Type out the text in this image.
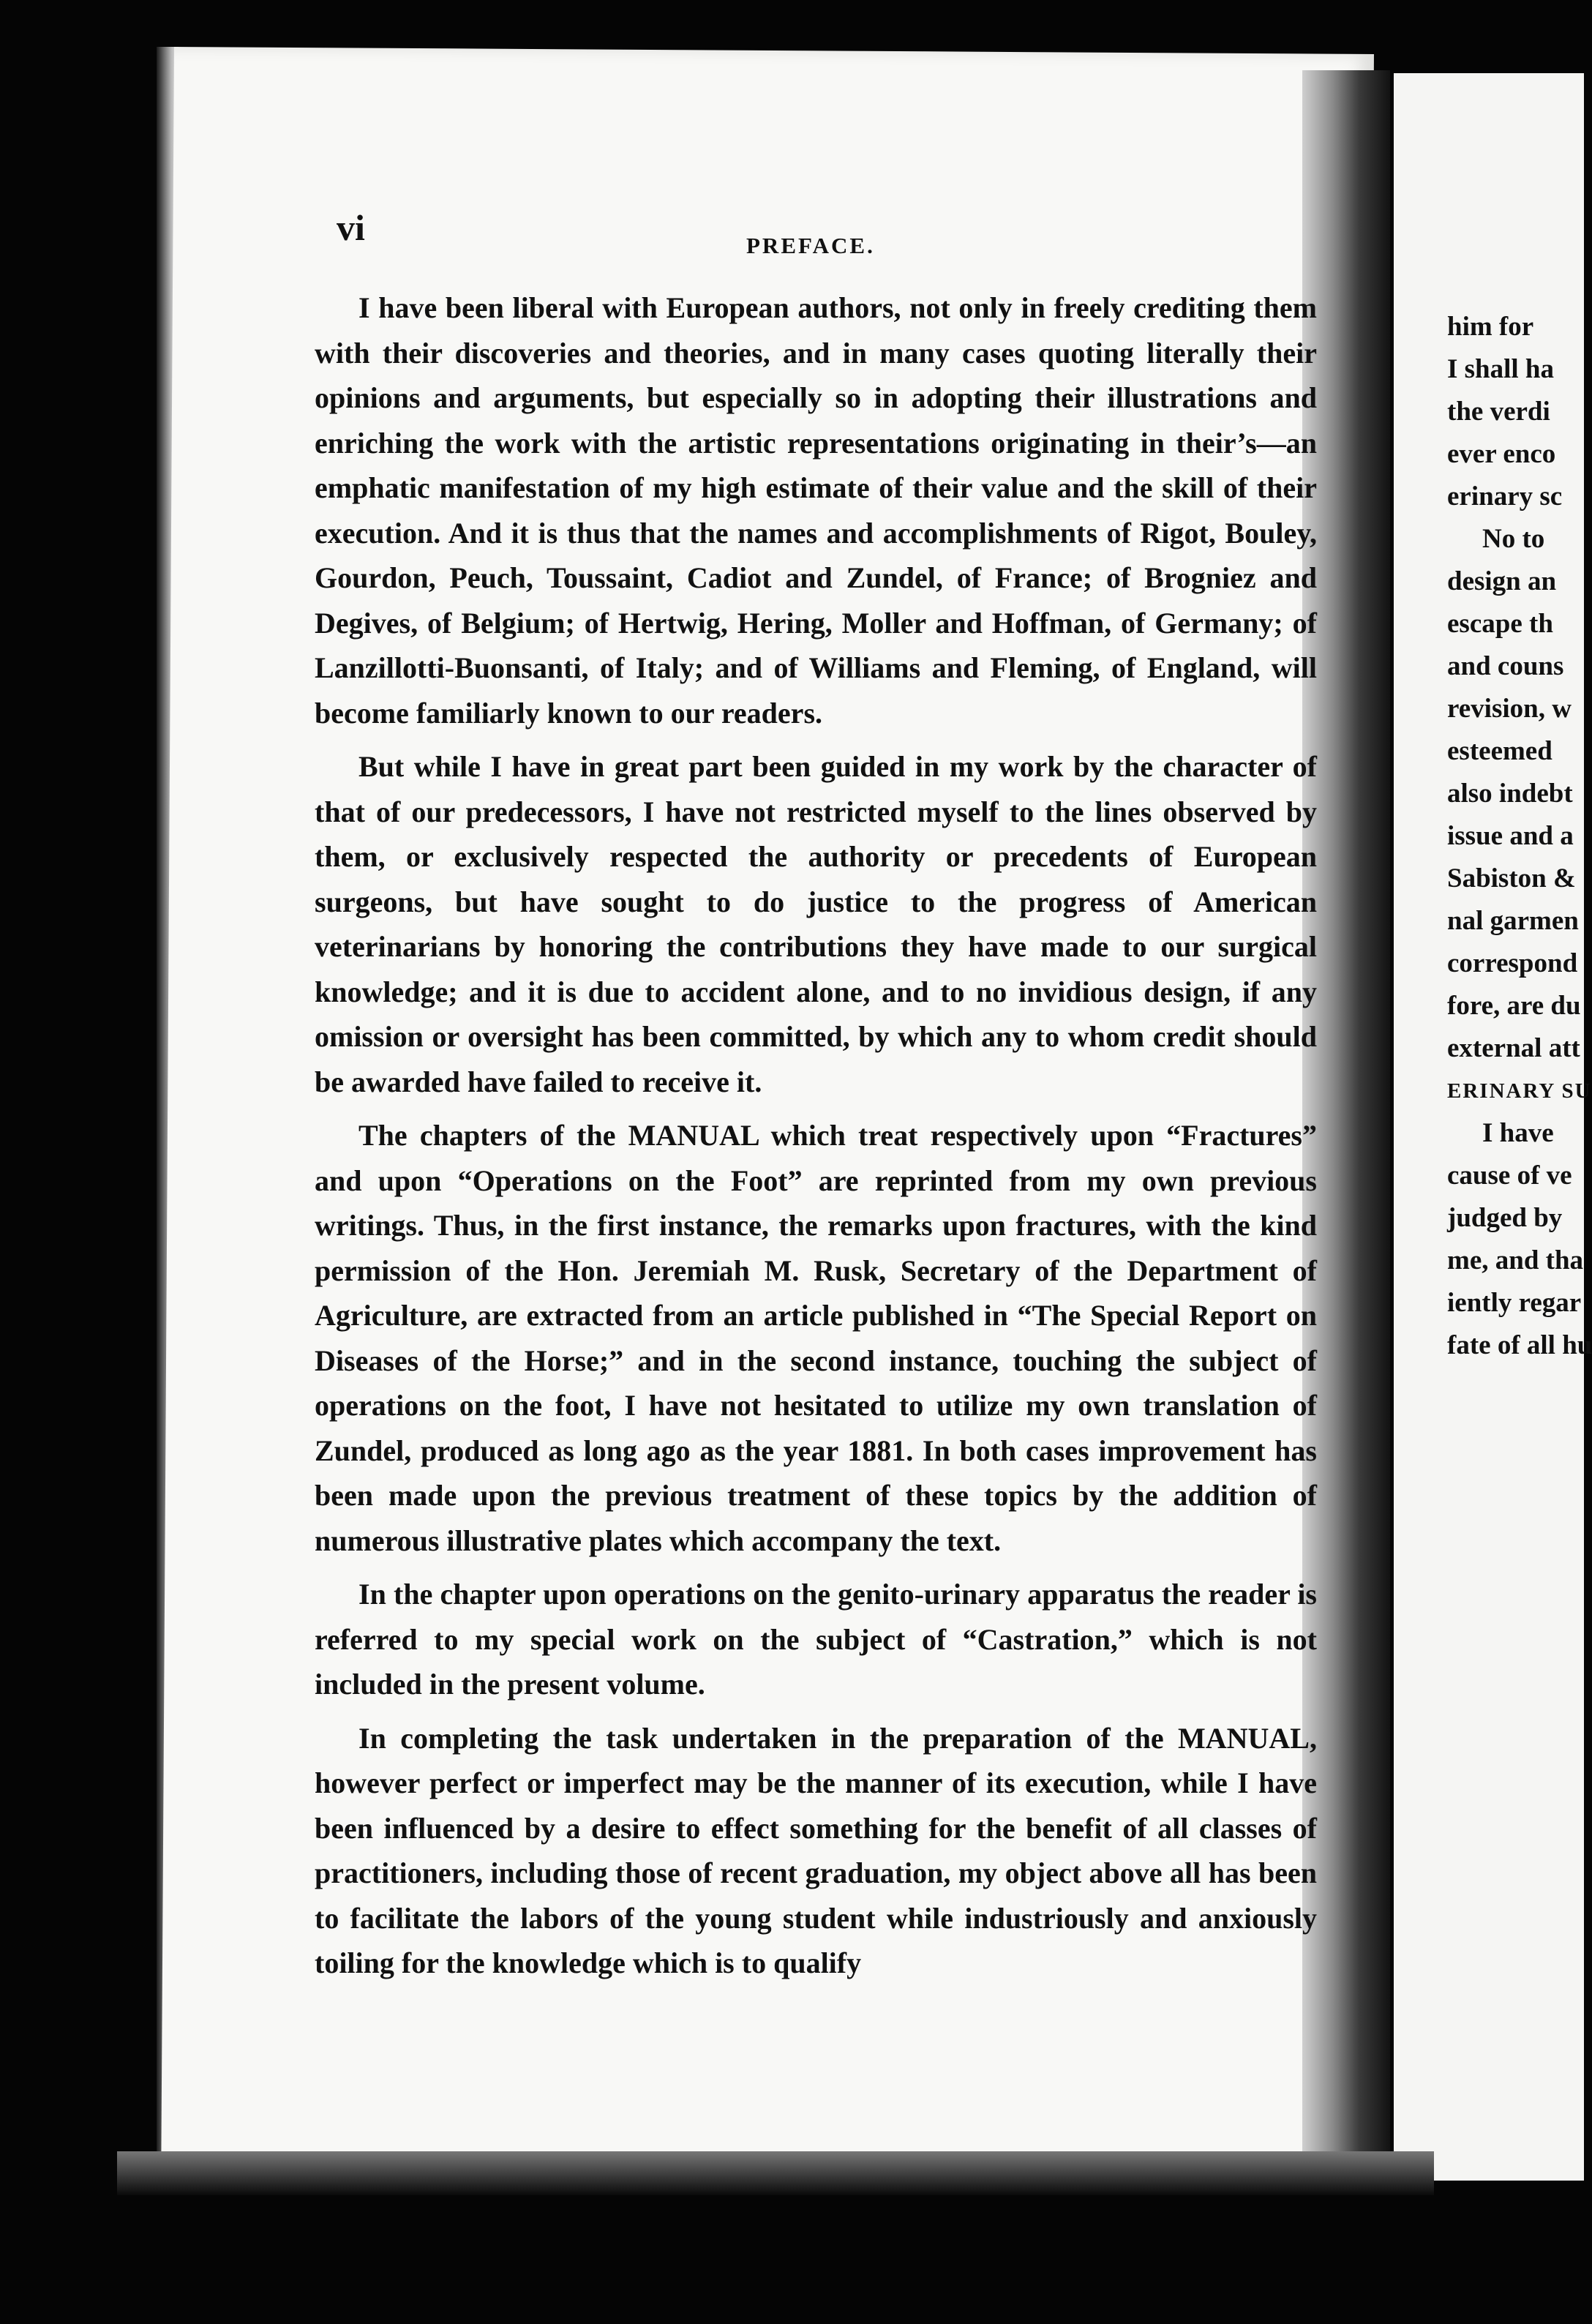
vi	PREFACE.

I have been liberal with European authors, not only in freely crediting them with their discoveries and theories, and in many cases quoting literally their opinions and arguments, but especially so in adopting their illustrations and enriching the work with the artistic representations originating in their’s—an emphatic manifestation of my high estimate of their value and the skill of their execution. And it is thus that the names and accomplishments of Rigot, Bouley, Gourdon, Peuch, Toussaint, Cadiot and Zundel, of France; of Brogniez and Degives, of Belgium; of Hertwig, Hering, Moller and Hoffman, of Germany; of Lanzillotti-Buonsanti, of Italy; and of Williams and Fleming, of England, will become familiarly known to our readers.

But while I have in great part been guided in my work by the character of that of our predecessors, I have not restricted myself to the lines observed by them, or exclusively respected the authority or precedents of European surgeons, but have sought to do justice to the progress of American veterinarians by honoring the contributions they have made to our surgical knowledge; and it is due to accident alone, and to no invidious design, if any omission or oversight has been committed, by which any to whom credit should be awarded have failed to receive it.

The chapters of the MANUAL which treat respectively upon “Fractures” and upon “Operations on the Foot” are reprinted from my own previous writings. Thus, in the first instance, the remarks upon fractures, with the kind permission of the Hon. Jeremiah M. Rusk, Secretary of the Department of Agriculture, are extracted from an article published in “The Special Report on Diseases of the Horse;” and in the second instance, touching the subject of operations on the foot, I have not hesitated to utilize my own translation of Zundel, produced as long ago as the year 1881. In both cases improvement has been made upon the previous treatment of these topics by the addition of numerous illustrative plates which accompany the text.

In the chapter upon operations on the genito-urinary apparatus the reader is referred to my special work on the subject of “Castration,” which is not included in the present volume.

In completing the task undertaken in the preparation of the MANUAL, however perfect or imperfect may be the manner of its execution, while I have been influenced by a desire to effect something for the benefit of all classes of practitioners, including those of recent graduation, my object above all has been to facilitate the labors of the young student while industriously and anxiously toiling for the knowledge which is to qualify

him for
I shall ha
the verdi
ever enco
erinary sc
No to
design an
escape th
and couns
revision, w
esteemed
also indebt
issue and a
Sabiston &
nal garmen
correspond
fore, are du
external att
ERINARY SU
I have
cause of ve
judged by
me, and tha
iently regar
fate of all hu
